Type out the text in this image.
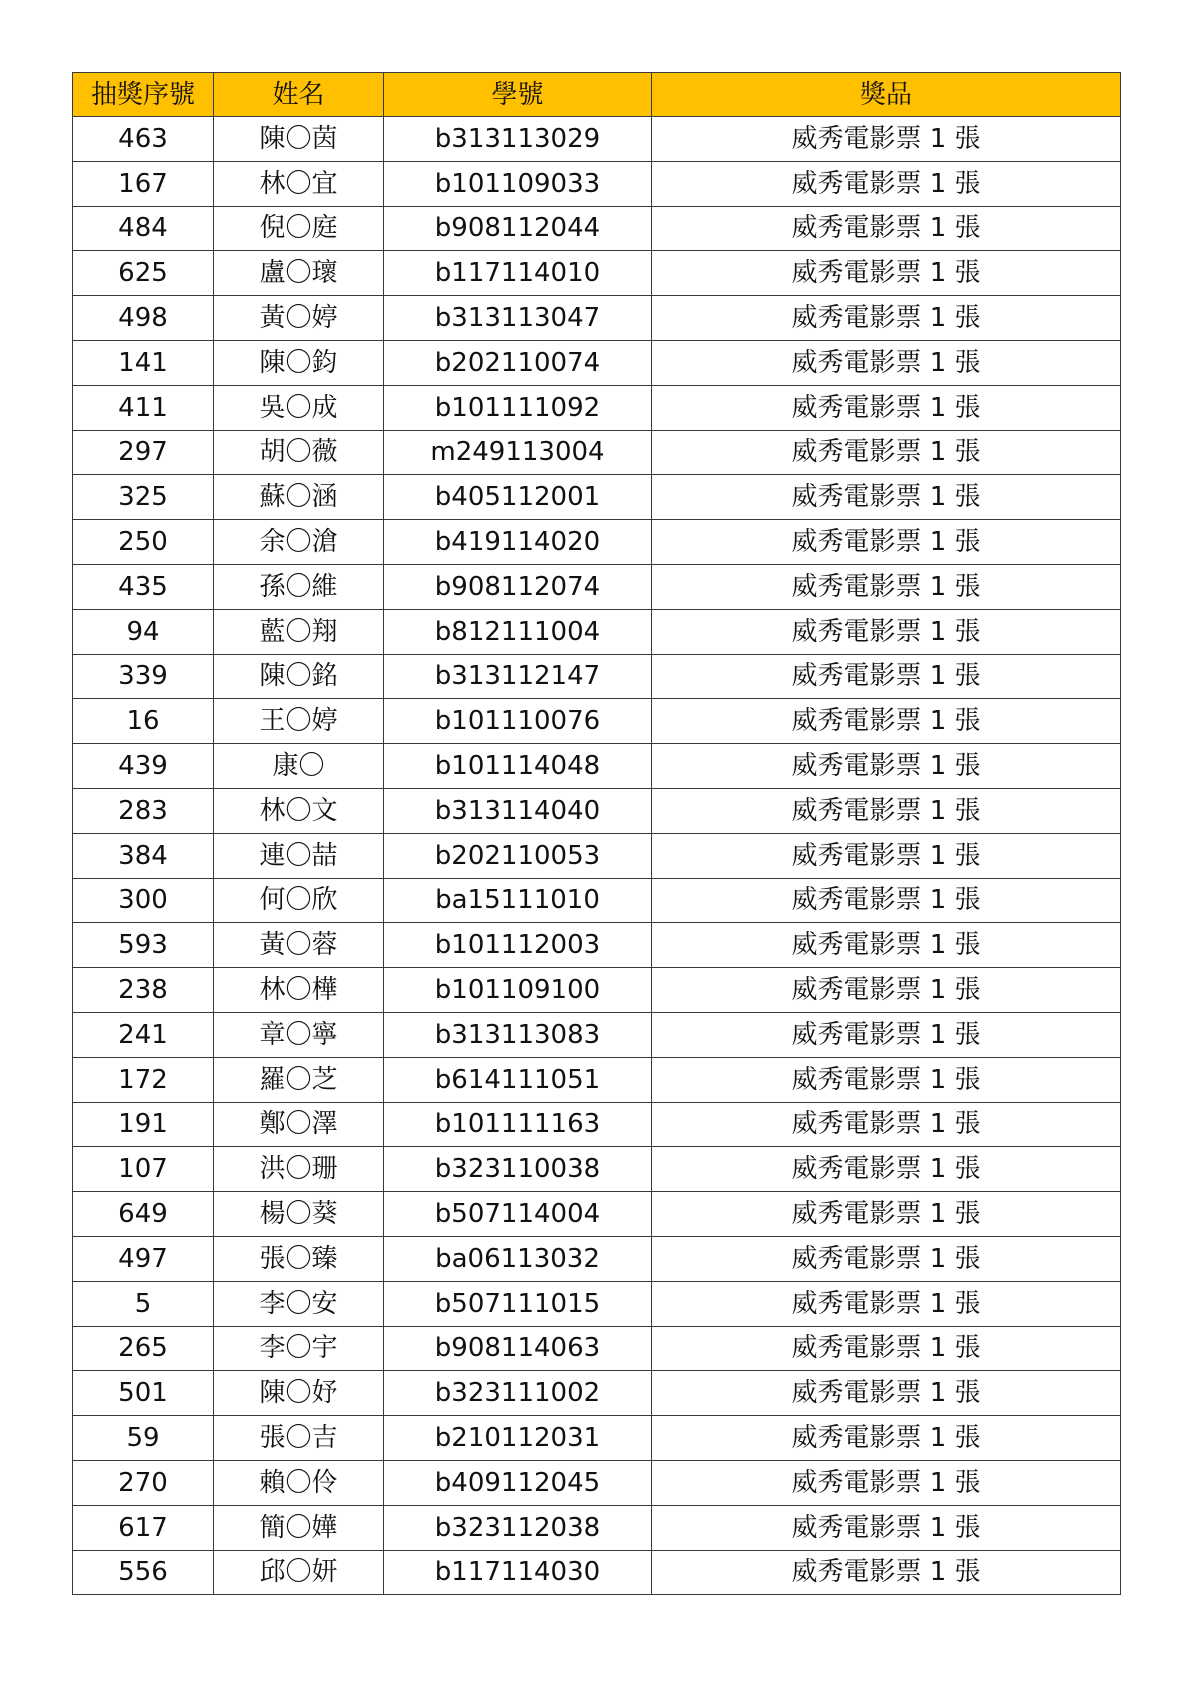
抽獎序號	姓名	學號	獎品
463	陳〇茵	b313113029	威秀電影票 1 張
167	林〇宜	b101109033	威秀電影票 1 張
484	倪〇庭	b908112044	威秀電影票 1 張
625	盧〇瓌	b117114010	威秀電影票 1 張
498	黃〇婷	b313113047	威秀電影票 1 張
141	陳〇鈞	b202110074	威秀電影票 1 張
411	吳〇成	b101111092	威秀電影票 1 張
297	胡〇薇	m249113004	威秀電影票 1 張
325	蘇〇涵	b405112001	威秀電影票 1 張
250	余〇滄	b419114020	威秀電影票 1 張
435	孫〇維	b908112074	威秀電影票 1 張
94	藍〇翔	b812111004	威秀電影票 1 張
339	陳〇銘	b313112147	威秀電影票 1 張
16	王〇婷	b101110076	威秀電影票 1 張
439	康〇	b101114048	威秀電影票 1 張
283	林〇文	b313114040	威秀電影票 1 張
384	連〇喆	b202110053	威秀電影票 1 張
300	何〇欣	ba15111010	威秀電影票 1 張
593	黃〇蓉	b101112003	威秀電影票 1 張
238	林〇樺	b101109100	威秀電影票 1 張
241	章〇寧	b313113083	威秀電影票 1 張
172	羅〇芝	b614111051	威秀電影票 1 張
191	鄭〇澤	b101111163	威秀電影票 1 張
107	洪〇珊	b323110038	威秀電影票 1 張
649	楊〇葵	b507114004	威秀電影票 1 張
497	張〇臻	ba06113032	威秀電影票 1 張
5	李〇安	b507111015	威秀電影票 1 張
265	李〇宇	b908114063	威秀電影票 1 張
501	陳〇妤	b323111002	威秀電影票 1 張
59	張〇吉	b210112031	威秀電影票 1 張
270	賴〇伶	b409112045	威秀電影票 1 張
617	簡〇嬅	b323112038	威秀電影票 1 張
556	邱〇妍	b117114030	威秀電影票 1 張
